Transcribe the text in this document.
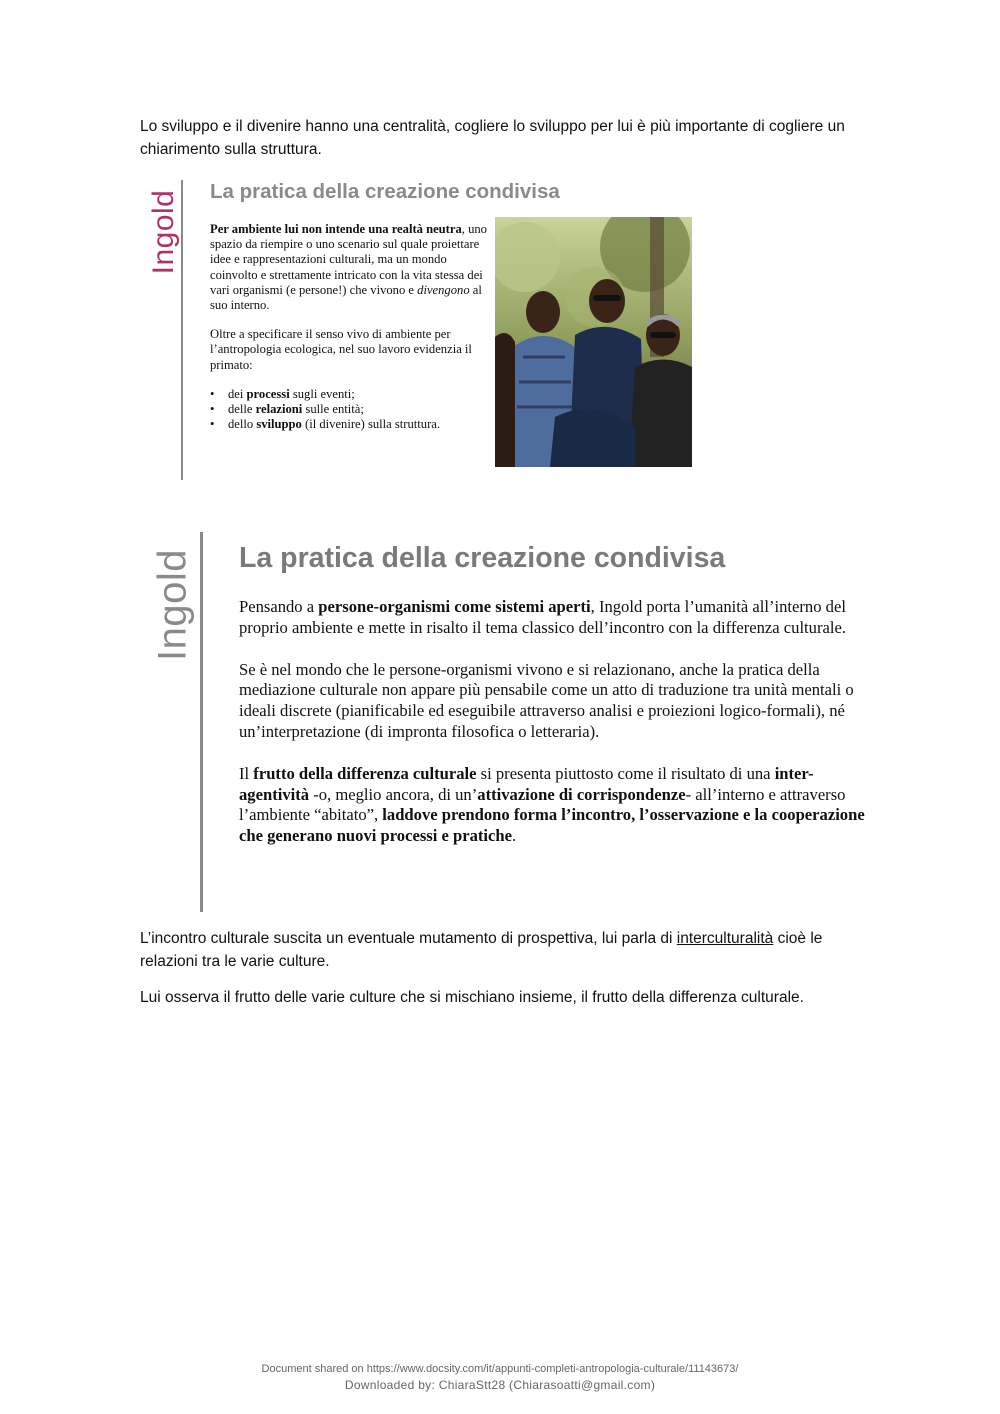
Lo sviluppo e il divenire hanno una centralità, cogliere lo sviluppo per lui è più importante di cogliere un chiarimento sulla struttura.
Ingold La pratica della creazione condivisa

Per ambiente lui non intende una realtà neutra, uno spazio da riempire o uno scenario sul quale proiettare idee e rappresentazioni culturali, ma un mondo coinvolto e strettamente intricato con la vita stessa dei vari organismi (e persone!) che vivono e divengono al suo interno.

Oltre a specificare il senso vivo di ambiente per l’antropologia ecologica, nel suo lavoro evidenzia il primato:

• dei processi sugli eventi;
• delle relazioni sulle entità;
• dello sviluppo (il divenire) sulla struttura.
Ingold La pratica della creazione condivisa

Pensando a persone-organismi come sistemi aperti, Ingold porta l’umanità all’interno del proprio ambiente e mette in risalto il tema classico dell’incontro con la differenza culturale.

Se è nel mondo che le persone-organismi vivono e si relazionano, anche la pratica della mediazione culturale non appare più pensabile come un atto di traduzione tra unità mentali o ideali discrete (pianificabile ed eseguibile attraverso analisi e proiezioni logico-formali), né un’interpretazione (di impronta filosofica o letteraria).

Il frutto della differenza culturale si presenta piuttosto come il risultato di una inter-agentività -o, meglio ancora, di un’attivazione di corrispondenze- all’interno e attraverso l’ambiente “abitato”, laddove prendono forma l’incontro, l’osservazione e la cooperazione che generano nuovi processi e pratiche.

L’incontro culturale suscita un eventuale mutamento di prospettiva, lui parla di interculturalità cioè le relazioni tra le varie culture.
Lui osserva il frutto delle varie culture che si mischiano insieme, il frutto della differenza culturale.
Document shared on https://www.docsity.com/it/appunti-completi-antropologia-culturale/11143673/
Downloaded by: ChiaraStt28 (Chiarasoatti@gmail.com)
